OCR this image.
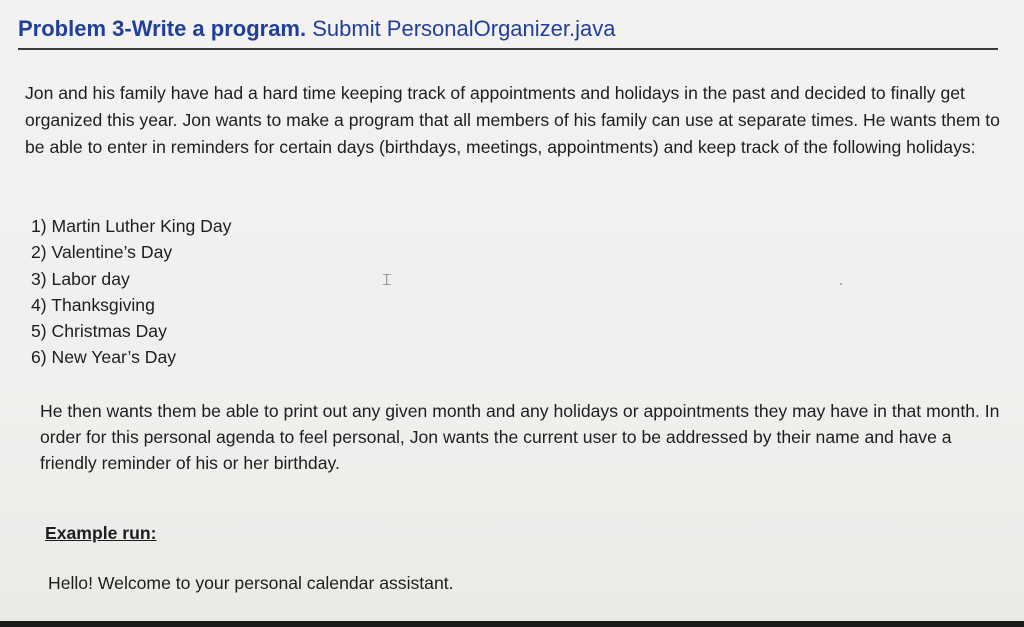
Problem 3-Write a program. Submit PersonalOrganizer.java

Jon and his family have had a hard time keeping track of appointments and holidays in the past and decided to finally get organized this year. Jon wants to make a program that all members of his family can use at separate times. He wants them to be able to enter in reminders for certain days (birthdays, meetings, appointments) and keep track of the following holidays:

1) Martin Luther King Day
2) Valentine’s Day
3) Labor day
4) Thanksgiving
5) Christmas Day
6) New Year’s Day
⌶

He then wants them be able to print out any given month and any holidays or appointments they may have in that month. In order for this personal agenda to feel personal, Jon wants the current user to be addressed by their name and have a friendly reminder of his or her birthday.

Example run:
Hello! Welcome to your personal calendar assistant.
